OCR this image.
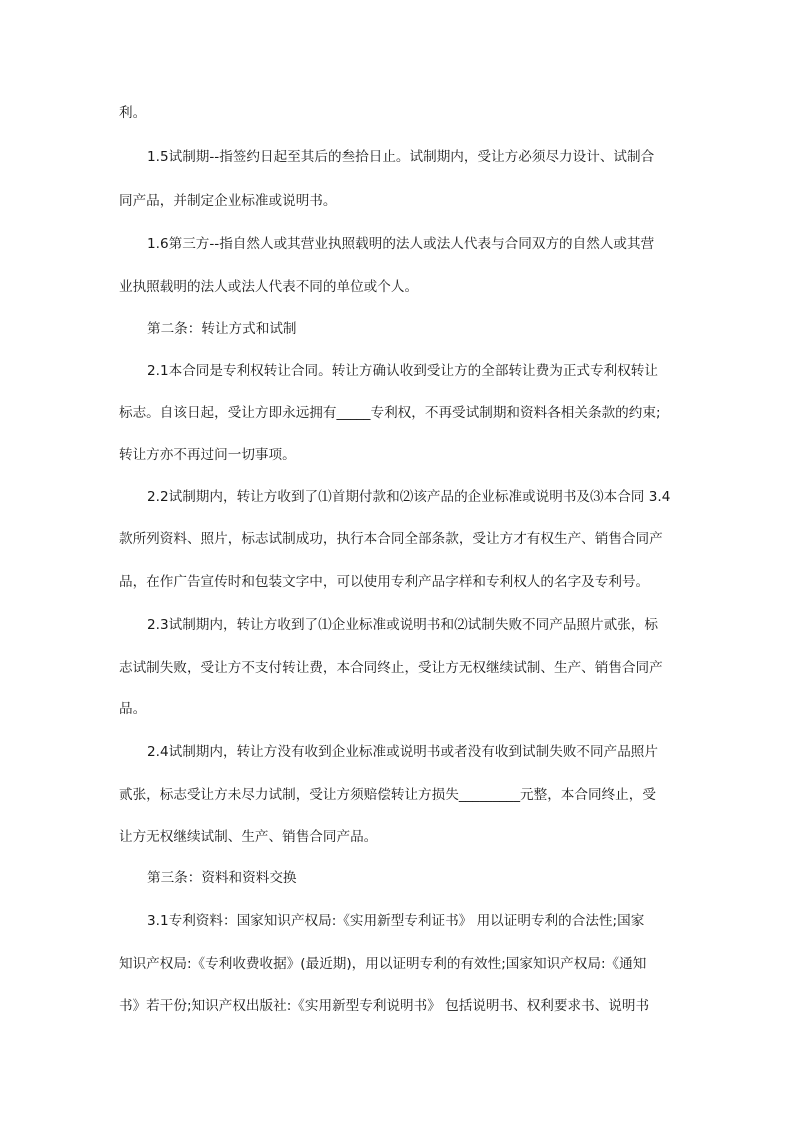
利。
1.5试制期--指签约日起至其后的叁拾日止。试制期内，受让方必须尽力设计、试制合
同产品，并制定企业标准或说明书。
1.6第三方--指自然人或其营业执照载明的法人或法人代表与合同双方的自然人或其营
业执照载明的法人或法人代表不同的单位或个人。
第二条：转让方式和试制
2.1本合同是专利权转让合同。转让方确认收到受让方的全部转让费为正式专利权转让
标志。自该日起，受让方即永远拥有_____专利权，不再受试制期和资料各相关条款的约束;
转让方亦不再过问一切事项。
2.2试制期内，转让方收到了⑴首期付款和⑵该产品的企业标准或说明书及⑶本合同 3.4
款所列资料、照片，标志试制成功，执行本合同全部条款，受让方才有权生产、销售合同产
品，在作广告宣传时和包装文字中，可以使用专利产品字样和专利权人的名字及专利号。
2.3试制期内，转让方收到了⑴企业标准或说明书和⑵试制失败不同产品照片贰张，标
志试制失败，受让方不支付转让费，本合同终止，受让方无权继续试制、生产、销售合同产
品。
2.4试制期内，转让方没有收到企业标准或说明书或者没有收到试制失败不同产品照片
贰张，标志受让方未尽力试制，受让方须赔偿转让方损失_________元整，本合同终止，受
让方无权继续试制、生产、销售合同产品。
第三条：资料和资料交换
3.1专利资料：国家知识产权局:《实用新型专利证书》 用以证明专利的合法性;国家
知识产权局:《专利收费收据》(最近期)，用以证明专利的有效性;国家知识产权局:《通知
书》若干份;知识产权出版社:《实用新型专利说明书》 包括说明书、权利要求书、说明书
